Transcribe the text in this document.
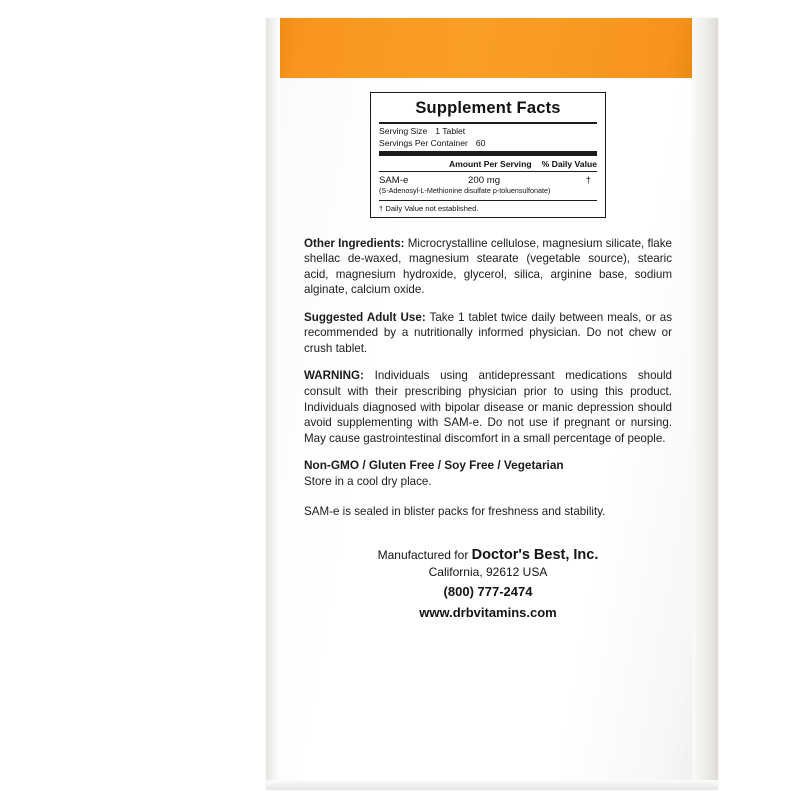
Supplement Facts
Serving Size 1 Tablet
Servings Per Container 60
Amount Per Serving	% Daily Value
SAM-e	200 mg	†
(S-Adenosyl-L-Methionine disulfate p-toluensulfonate)
† Daily Value not established.
Other Ingredients: Microcrystalline cellulose, magnesium silicate, flake shellac de-waxed, magnesium stearate (vegetable source), stearic acid, magnesium hydroxide, glycerol, silica, arginine base, sodium alginate, calcium oxide.
Suggested Adult Use: Take 1 tablet twice daily between meals, or as recommended by a nutritionally informed physician. Do not chew or crush tablet.
WARNING: Individuals using antidepressant medications should consult with their prescribing physician prior to using this product. Individuals diagnosed with bipolar disease or manic depression should avoid supplementing with SAM-e. Do not use if pregnant or nursing. May cause gastrointestinal discomfort in a small percentage of people.
Non-GMO / Gluten Free / Soy Free / Vegetarian
Store in a cool dry place.
SAM-e is sealed in blister packs for freshness and stability.
Manufactured for Doctor's Best, Inc.
California, 92612 USA
(800) 777-2474
www.drbvitamins.com
